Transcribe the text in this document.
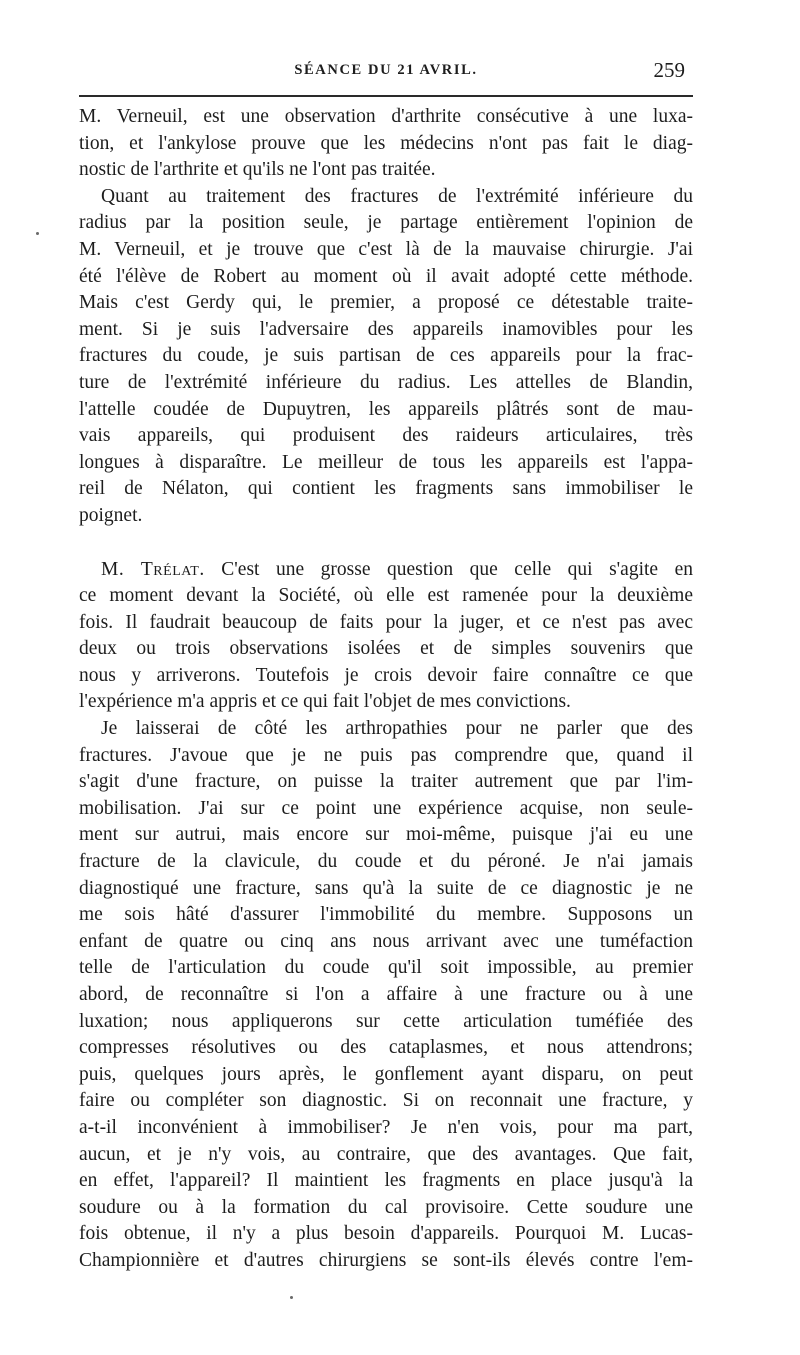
SÉANCE DU 21 AVRIL.	259
M. Verneuil, est une observation d'arthrite consécutive à une luxa-
tion, et l'ankylose prouve que les médecins n'ont pas fait le diag-
nostic de l'arthrite et qu'ils ne l'ont pas traitée.
Quant au traitement des fractures de l'extrémité inférieure du
radius par la position seule, je partage entièrement l'opinion de
M. Verneuil, et je trouve que c'est là de la mauvaise chirurgie. J'ai
été l'élève de Robert au moment où il avait adopté cette méthode.
Mais c'est Gerdy qui, le premier, a proposé ce détestable traite-
ment. Si je suis l'adversaire des appareils inamovibles pour les
fractures du coude, je suis partisan de ces appareils pour la frac-
ture de l'extrémité inférieure du radius. Les attelles de Blandin,
l'attelle coudée de Dupuytren, les appareils plâtrés sont de mau-
vais appareils, qui produisent des raideurs articulaires, très
longues à disparaître. Le meilleur de tous les appareils est l'appa-
reil de Nélaton, qui contient les fragments sans immobiliser le
poignet.
M. Trélat. C'est une grosse question que celle qui s'agite en
ce moment devant la Société, où elle est ramenée pour la deuxième
fois. Il faudrait beaucoup de faits pour la juger, et ce n'est pas avec
deux ou trois observations isolées et de simples souvenirs que
nous y arriverons. Toutefois je crois devoir faire connaître ce que
l'expérience m'a appris et ce qui fait l'objet de mes convictions.
Je laisserai de côté les arthropathies pour ne parler que des
fractures. J'avoue que je ne puis pas comprendre que, quand il
s'agit d'une fracture, on puisse la traiter autrement que par l'im-
mobilisation. J'ai sur ce point une expérience acquise, non seule-
ment sur autrui, mais encore sur moi-même, puisque j'ai eu une
fracture de la clavicule, du coude et du péroné. Je n'ai jamais
diagnostiqué une fracture, sans qu'à la suite de ce diagnostic je ne
me sois hâté d'assurer l'immobilité du membre. Supposons un
enfant de quatre ou cinq ans nous arrivant avec une tuméfaction
telle de l'articulation du coude qu'il soit impossible, au premier
abord, de reconnaître si l'on a affaire à une fracture ou à une
luxation; nous appliquerons sur cette articulation tuméfiée des
compresses résolutives ou des cataplasmes, et nous attendrons;
puis, quelques jours après, le gonflement ayant disparu, on peut
faire ou compléter son diagnostic. Si on reconnait une fracture, y
a-t-il inconvénient à immobiliser? Je n'en vois, pour ma part,
aucun, et je n'y vois, au contraire, que des avantages. Que fait,
en effet, l'appareil? Il maintient les fragments en place jusqu'à la
soudure ou à la formation du cal provisoire. Cette soudure une
fois obtenue, il n'y a plus besoin d'appareils. Pourquoi M. Lucas-
Championnière et d'autres chirurgiens se sont-ils élevés contre l'em-
